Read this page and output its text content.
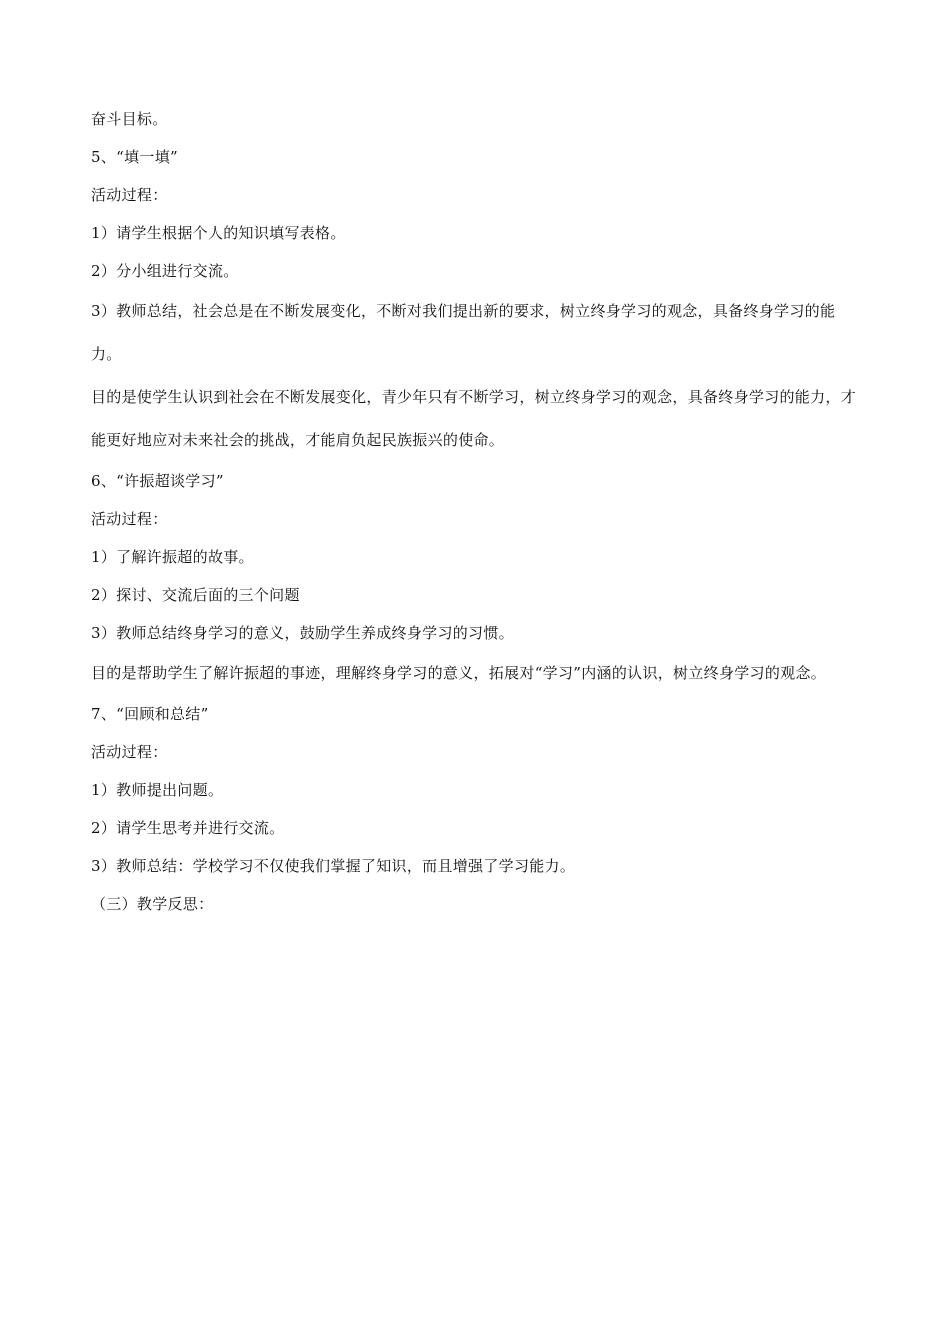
奋斗目标。

5、“填一填”

活动过程：

1）请学生根据个人的知识填写表格。

2）分小组进行交流。

3）教师总结，社会总是在不断发展变化，不断对我们提出新的要求，树立终身学习的观念，具备终身学习的能力。

目的是使学生认识到社会在不断发展变化，青少年只有不断学习，树立终身学习的观念，具备终身学习的能力，才能更好地应对未来社会的挑战，才能肩负起民族振兴的使命。

6、“许振超谈学习”

活动过程：

1）了解许振超的故事。

2）探讨、交流后面的三个问题

3）教师总结终身学习的意义，鼓励学生养成终身学习的习惯。

目的是帮助学生了解许振超的事迹，理解终身学习的意义，拓展对“学习”内涵的认识，树立终身学习的观念。

7、“回顾和总结”

活动过程：

1）教师提出问题。

2）请学生思考并进行交流。

3）教师总结：学校学习不仅使我们掌握了知识，而且增强了学习能力。

（三）教学反思：
